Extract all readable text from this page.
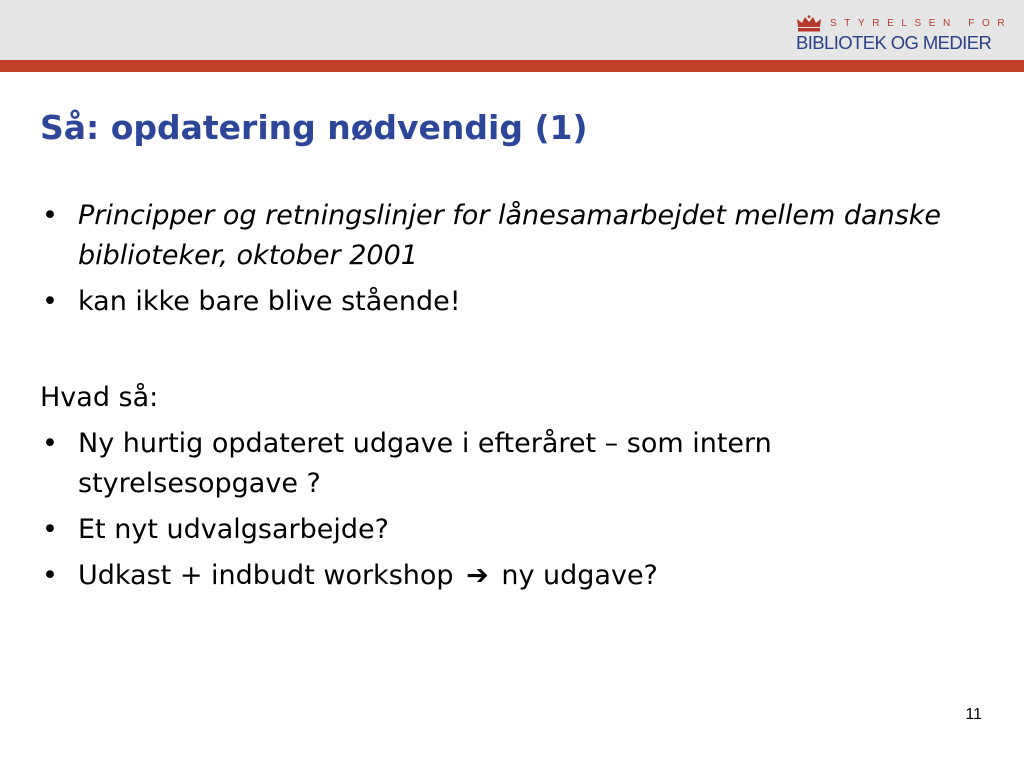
STYRELSEN FOR
BIBLIOTEK OG MEDIER
Så: opdatering nødvendig (1)
• Principper og retningslinjer for lånesamarbejdet mellem danske biblioteker, oktober 2001
• kan ikke bare blive stående!
Hvad så:
• Ny hurtig opdateret udgave i efteråret – som intern styrelsesopgave ?
• Et nyt udvalgsarbejde?
• Udkast + indbudt workshop ➔ ny udgave?
11
